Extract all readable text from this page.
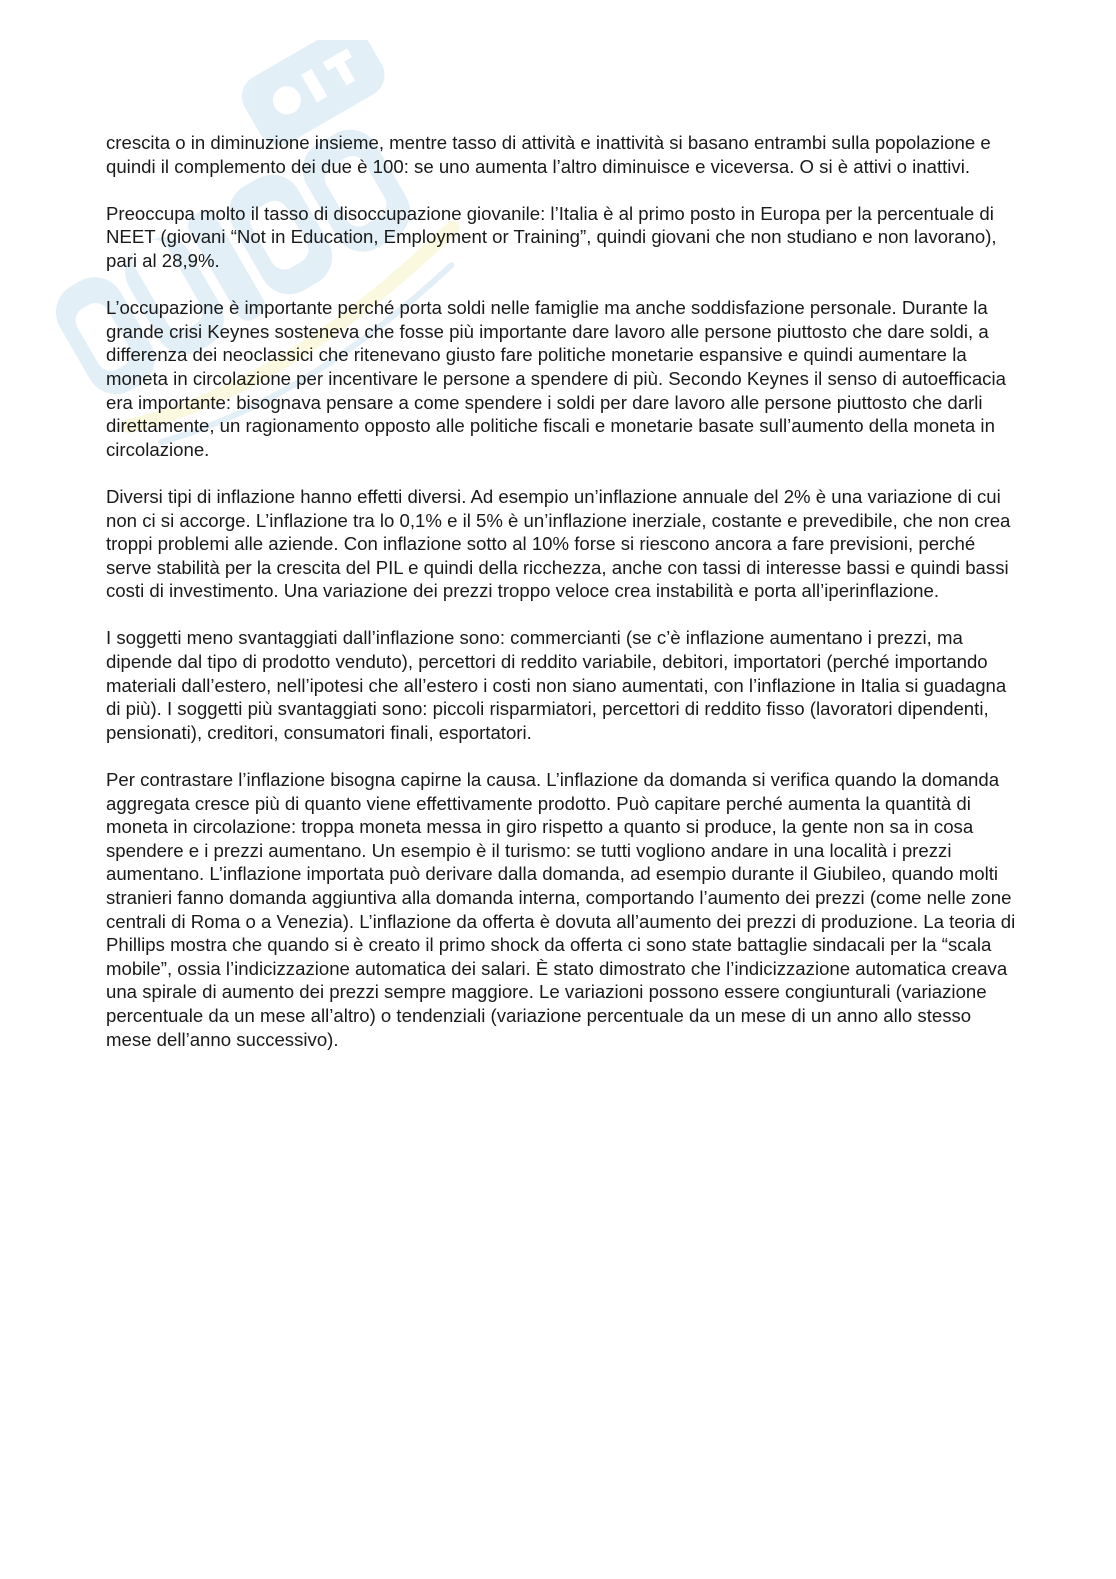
crescita o in diminuzione insieme, mentre tasso di attività e inattività si basano entrambi sulla popolazione e quindi il complemento dei due è 100: se uno aumenta l’altro diminuisce e viceversa. O si è attivi o inattivi.

Preoccupa molto il tasso di disoccupazione giovanile: l’Italia è al primo posto in Europa per la percentuale di NEET (giovani “Not in Education, Employment or Training”, quindi giovani che non studiano e non lavorano), pari al 28,9%.

L’occupazione è importante perché porta soldi nelle famiglie ma anche soddisfazione personale. Durante la grande crisi Keynes sosteneva che fosse più importante dare lavoro alle persone piuttosto che dare soldi, a differenza dei neoclassici che ritenevano giusto fare politiche monetarie espansive e quindi aumentare la moneta in circolazione per incentivare le persone a spendere di più. Secondo Keynes il senso di autoefficacia era importante: bisognava pensare a come spendere i soldi per dare lavoro alle persone piuttosto che darli direttamente, un ragionamento opposto alle politiche fiscali e monetarie basate sull’aumento della moneta in circolazione.

Diversi tipi di inflazione hanno effetti diversi. Ad esempio un’inflazione annuale del 2% è una variazione di cui non ci si accorge. L’inflazione tra lo 0,1% e il 5% è un’inflazione inerziale, costante e prevedibile, che non crea troppi problemi alle aziende. Con inflazione sotto al 10% forse si riescono ancora a fare previsioni, perché serve stabilità per la crescita del PIL e quindi della ricchezza, anche con tassi di interesse bassi e quindi bassi costi di investimento. Una variazione dei prezzi troppo veloce crea instabilità e porta all’iperinflazione.

I soggetti meno svantaggiati dall’inflazione sono: commercianti (se c’è inflazione aumentano i prezzi, ma dipende dal tipo di prodotto venduto), percettori di reddito variabile, debitori, importatori (perché importando materiali dall’estero, nell’ipotesi che all’estero i costi non siano aumentati, con l’inflazione in Italia si guadagna di più). I soggetti più svantaggiati sono: piccoli risparmiatori, percettori di reddito fisso (lavoratori dipendenti, pensionati), creditori, consumatori finali, esportatori.

Per contrastare l’inflazione bisogna capirne la causa. L’inflazione da domanda si verifica quando la domanda aggregata cresce più di quanto viene effettivamente prodotto. Può capitare perché aumenta la quantità di moneta in circolazione: troppa moneta messa in giro rispetto a quanto si produce, la gente non sa in cosa spendere e i prezzi aumentano. Un esempio è il turismo: se tutti vogliono andare in una località i prezzi aumentano. L’inflazione importata può derivare dalla domanda, ad esempio durante il Giubileo, quando molti stranieri fanno domanda aggiuntiva alla domanda interna, comportando l’aumento dei prezzi (come nelle zone centrali di Roma o a Venezia). L’inflazione da offerta è dovuta all’aumento dei prezzi di produzione. La teoria di Phillips mostra che quando si è creato il primo shock da offerta ci sono state battaglie sindacali per la “scala mobile”, ossia l’indicizzazione automatica dei salari. È stato dimostrato che l’indicizzazione automatica creava una spirale di aumento dei prezzi sempre maggiore. Le variazioni possono essere congiunturali (variazione percentuale da un mese all’altro) o tendenziali (variazione percentuale da un mese di un anno allo stesso mese dell’anno successivo).
